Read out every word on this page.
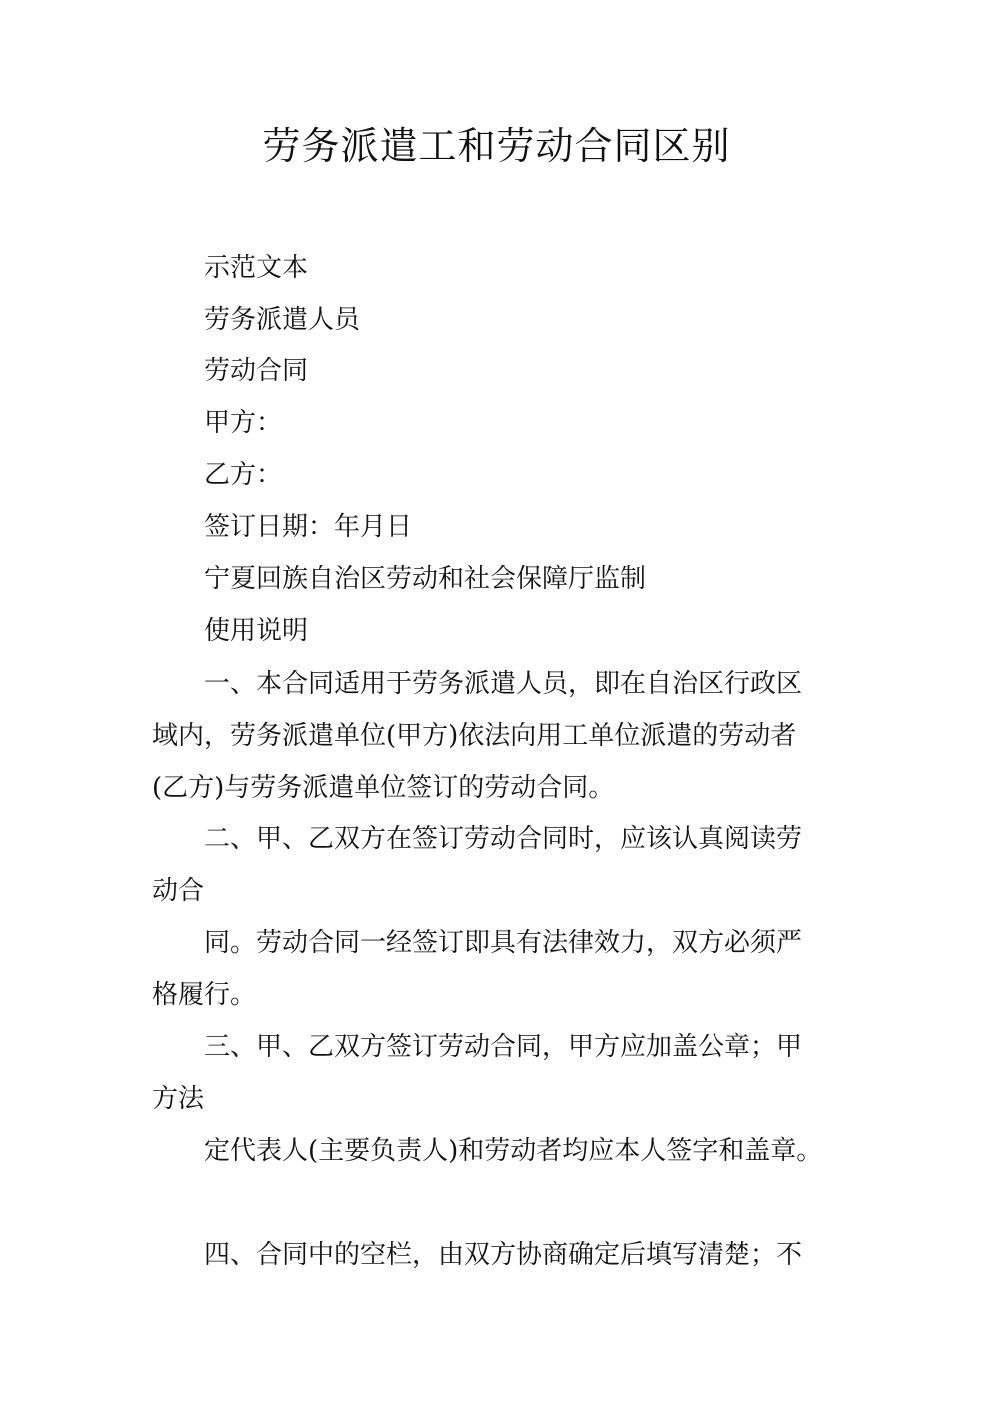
劳务派遣工和劳动合同区别

示范文本

劳务派遣人员

劳动合同

甲方：

乙方：

签订日期：年月日

宁夏回族自治区劳动和社会保障厅监制

使用说明

一、本合同适用于劳务派遣人员，即在自治区行政区

域内，劳务派遣单位(甲方)依法向用工单位派遣的劳动者

(乙方)与劳务派遣单位签订的劳动合同。

二、甲、乙双方在签订劳动合同时，应该认真阅读劳

动合

同。劳动合同一经签订即具有法律效力，双方必须严

格履行。

三、甲、乙双方签订劳动合同，甲方应加盖公章；甲

方法

定代表人(主要负责人)和劳动者均应本人签字和盖章。

四、合同中的空栏，由双方协商确定后填写清楚；不
